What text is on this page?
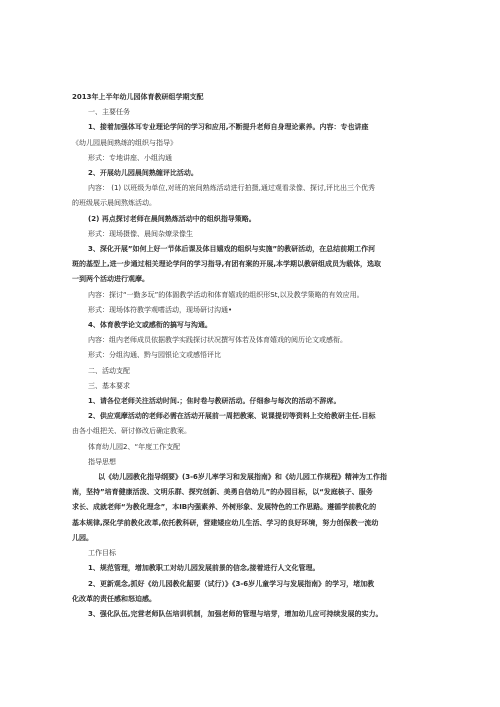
2013年上半年幼儿园体育教研组学期支配

一、主要任务

1、接着加强体耳专业理论学问的学习和应用,不断提升老师自身理论素养。内容：专也讲座

《幼儿园晨间熟练的组织与指导》

形式：专地讲座、小组沟通

2、开展幼儿园晨间熟缠评比活动。

内容： (1) 以班级为单位,对班的宸间熟炼活动进行拍摄,通过观看录像、探讨,评比出三个优秀

的班级展示晨间熬炼活动。

(2) 再点探讨老师在晨间熟炼活动中的组织指导策略。

形式：现场摄像、晨间杂燎录像生

3、深化开展”如何上好一节体后课及体目嬉戏的组织与实施”的教研活动，在总结前期工作河

斑的基型上,进一步通过相关理论学问的学习指导,有团有案的开展,本学期以教研组成员为载体，选取

一到两个活动进行观摩。

内容：探讨“一勤多玩”的体圄教学活动和体育嬉戏的组织形St,以及教学策略的有效应用。

形式：现场体符教学观嗜活动，现场研讨沟通•

4、体育教学论文或感衔的搞写与沟通。

内容：组内老师成员依据教学实践探讨状况撰写体若及体育嬉戏的阅历论文或感衔。

形式：分组沟通、黔与园银论文或感悟评比

二、活动支配

三、基本要求

1、请各位老师关注活动时间.；隹时卷与教研活动。仔细参与每次的活动不辞席。

2、供应观摩活动的老师必需在活动开展前一周把教案、说课提切等资料上交给教研主任.目标

由各小组把关、研讨修改后确定教案。

体育幼儿园2、“年度工作支配

指导思想

以《幼儿园教化指导纲要》(3-6岁儿率学习和发展指南》和《幼儿园工作规程》精神为工作指

南，坚持”培育健康活泼、文明乐群、探究创新、美勇自信幼儿”的办园目标，以“发庭核子、服务

求长、成就老师“为教化理念”，本IB内强素养、外树形象、发展特色的工作思路。遵循学前教化的

基本规律,深化学前教化改革,依托教科研，营建矮应幼儿生活、学习的良好环境，努力创保教一流幼

儿园。

工作目标

1、规范管理，增加教职工对幼儿园发展前景的信念,接着进行人文化管理。

2、更新观念,抓好《幼儿园教化龆要（试行）》《3-6岁儿童学习与发展指南》的学习，堵加教

化改革的责任感和怒迫感。

3、强化队伍,完营老师队伍培训机制，加强老师的管理与培芽，增加幼儿应可持续发展的实力。
